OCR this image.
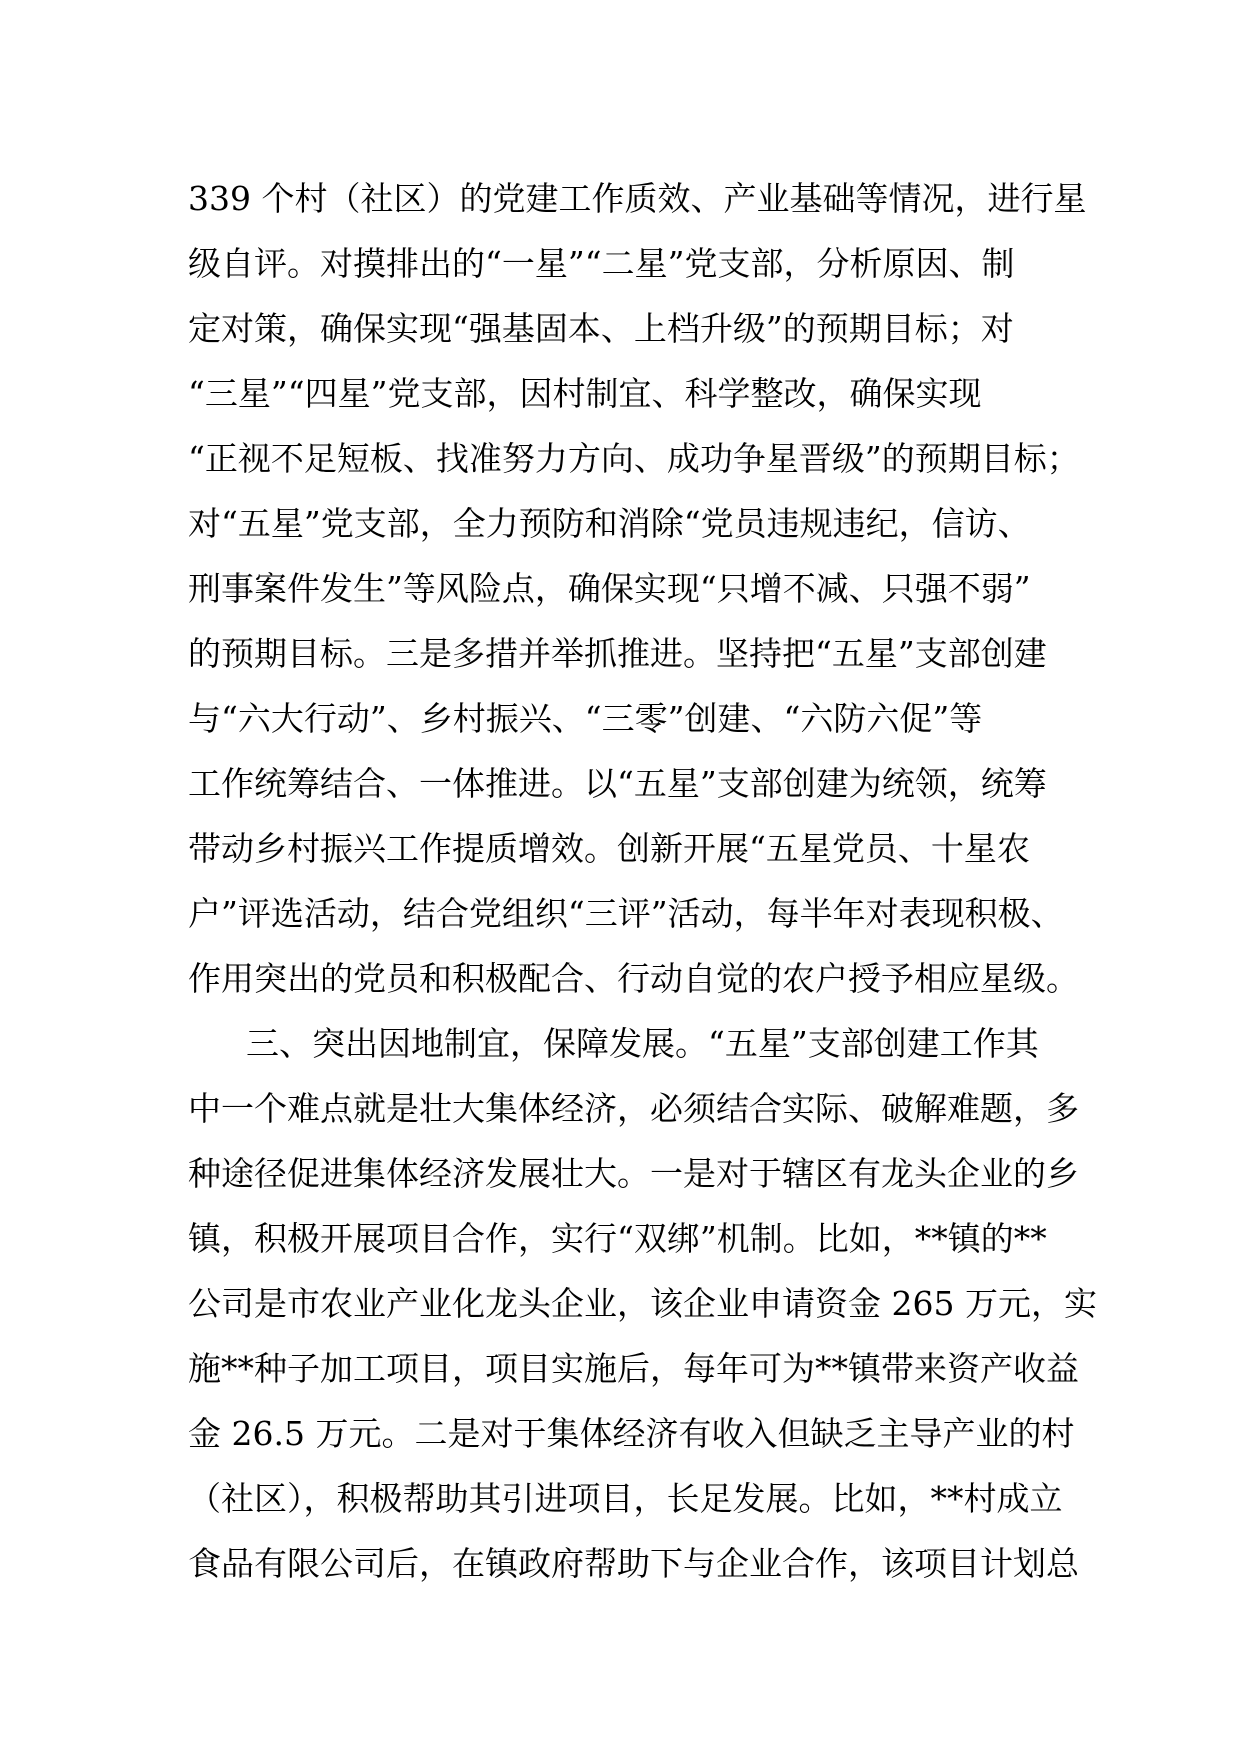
339 个村（社区）的党建工作质效、产业基础等情况，进行星
级自评。对摸排出的“一星”“二星”党支部，分析原因、制
定对策，确保实现“强基固本、上档升级”的预期目标；对
“三星”“四星”党支部，因村制宜、科学整改，确保实现
“正视不足短板、找准努力方向、成功争星晋级”的预期目标；
对“五星”党支部，全力预防和消除“党员违规违纪，信访、
刑事案件发生”等风险点，确保实现“只增不减、只强不弱”
的预期目标。三是多措并举抓推进。坚持把“五星”支部创建
与“六大行动”、乡村振兴、“三零”创建、“六防六促”等
工作统筹结合、一体推进。以“五星”支部创建为统领，统筹
带动乡村振兴工作提质增效。创新开展“五星党员、十星农
户”评选活动，结合党组织“三评”活动，每半年对表现积极、
作用突出的党员和积极配合、行动自觉的农户授予相应星级。
三、突出因地制宜，保障发展。“五星”支部创建工作其
中一个难点就是壮大集体经济，必须结合实际、破解难题，多
种途径促进集体经济发展壮大。一是对于辖区有龙头企业的乡
镇，积极开展项目合作，实行“双绑”机制。比如，**镇的**
公司是市农业产业化龙头企业，该企业申请资金 265 万元，实
施**种子加工项目，项目实施后，每年可为**镇带来资产收益
金 26.5 万元。二是对于集体经济有收入但缺乏主导产业的村
（社区），积极帮助其引进项目，长足发展。比如，**村成立
食品有限公司后，在镇政府帮助下与企业合作，该项目计划总
